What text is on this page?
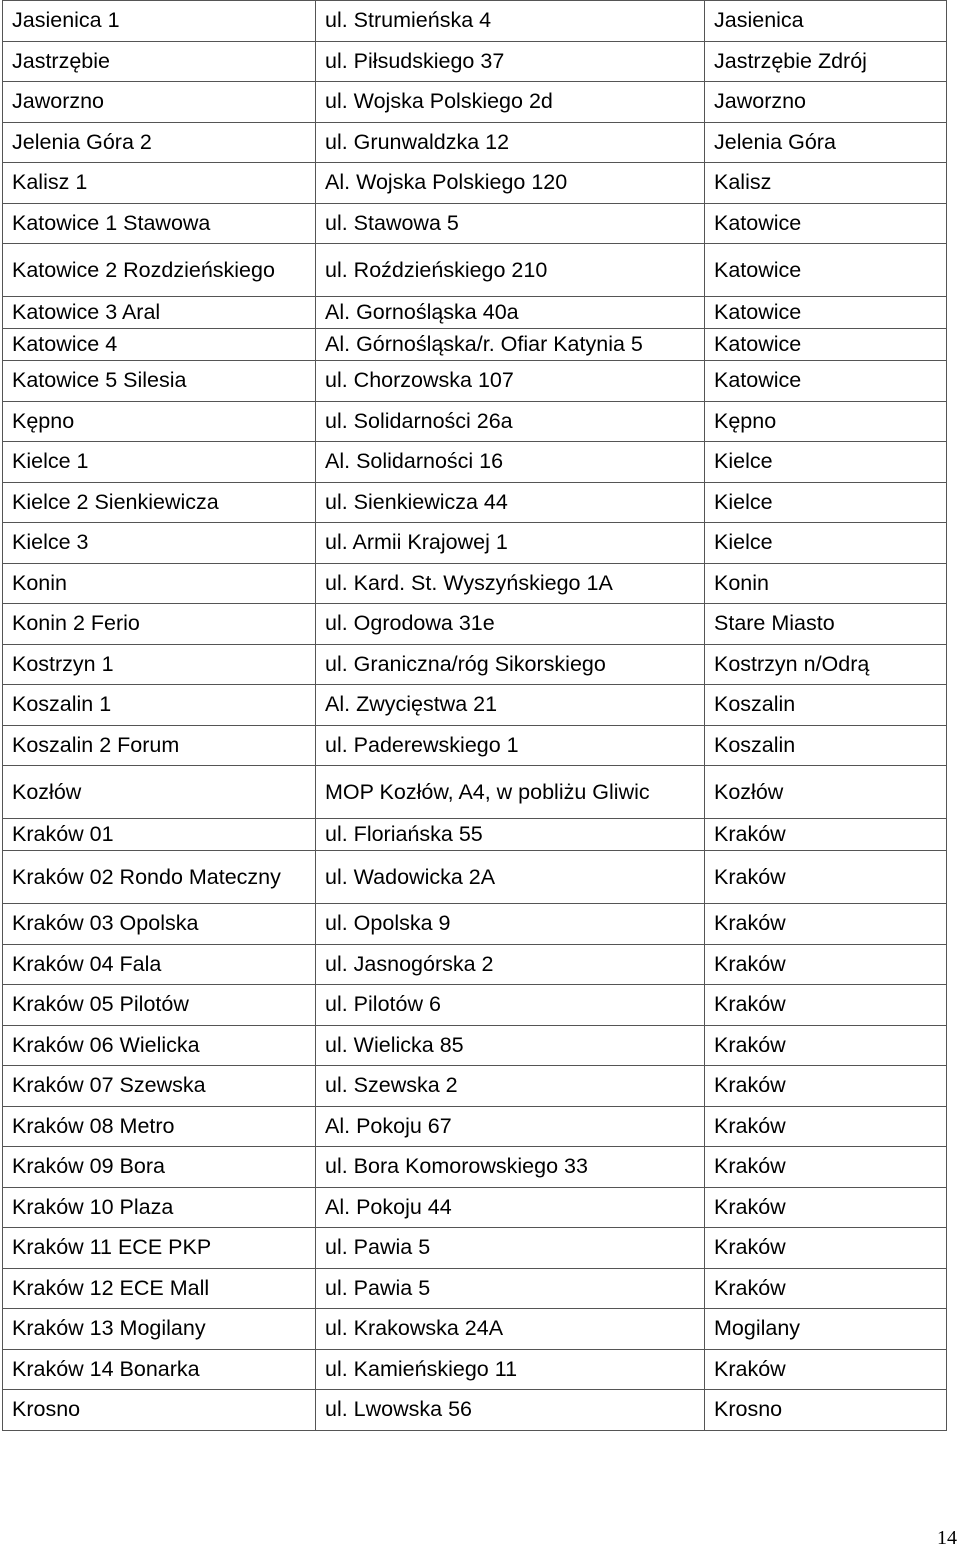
Jasienica 1	ul. Strumieńska 4	Jasienica
Jastrzębie	ul. Piłsudskiego 37	Jastrzębie Zdrój
Jaworzno	ul. Wojska Polskiego 2d	Jaworzno
Jelenia Góra 2	ul. Grunwaldzka 12	Jelenia Góra
Kalisz 1	Al. Wojska Polskiego 120	Kalisz
Katowice 1 Stawowa	ul. Stawowa 5	Katowice
Katowice 2 Rozdzieńskiego	ul. Roździeńskiego 210	Katowice
Katowice 3 Aral	Al. Gornośląska 40a	Katowice
Katowice 4	Al. Górnośląska/r. Ofiar Katynia 5	Katowice
Katowice 5 Silesia	ul. Chorzowska 107	Katowice
Kępno	ul. Solidarności 26a	Kępno
Kielce 1	Al. Solidarności 16	Kielce
Kielce 2 Sienkiewicza	ul. Sienkiewicza 44	Kielce
Kielce 3	ul. Armii Krajowej 1	Kielce
Konin	ul. Kard. St. Wyszyńskiego 1A	Konin
Konin 2 Ferio	ul. Ogrodowa 31e	Stare Miasto
Kostrzyn 1	ul. Graniczna/róg Sikorskiego	Kostrzyn n/Odrą
Koszalin 1	Al. Zwycięstwa 21	Koszalin
Koszalin 2 Forum	ul. Paderewskiego 1	Koszalin
Kozłów	MOP Kozłów, A4, w pobliżu Gliwic	Kozłów
Kraków 01	ul. Floriańska 55	Kraków
Kraków 02 Rondo Mateczny	ul. Wadowicka 2A	Kraków
Kraków 03 Opolska	ul. Opolska 9	Kraków
Kraków 04 Fala	ul. Jasnogórska 2	Kraków
Kraków 05 Pilotów	ul. Pilotów 6	Kraków
Kraków 06 Wielicka	ul. Wielicka 85	Kraków
Kraków 07 Szewska	ul. Szewska 2	Kraków
Kraków 08 Metro	Al. Pokoju 67	Kraków
Kraków 09 Bora	ul. Bora Komorowskiego 33	Kraków
Kraków 10 Plaza	Al. Pokoju 44	Kraków
Kraków 11 ECE PKP	ul. Pawia 5	Kraków
Kraków 12 ECE Mall	ul. Pawia 5	Kraków
Kraków 13 Mogilany	ul. Krakowska 24A	Mogilany
Kraków 14 Bonarka	ul. Kamieńskiego 11	Kraków
Krosno	ul. Lwowska 56	Krosno
14
